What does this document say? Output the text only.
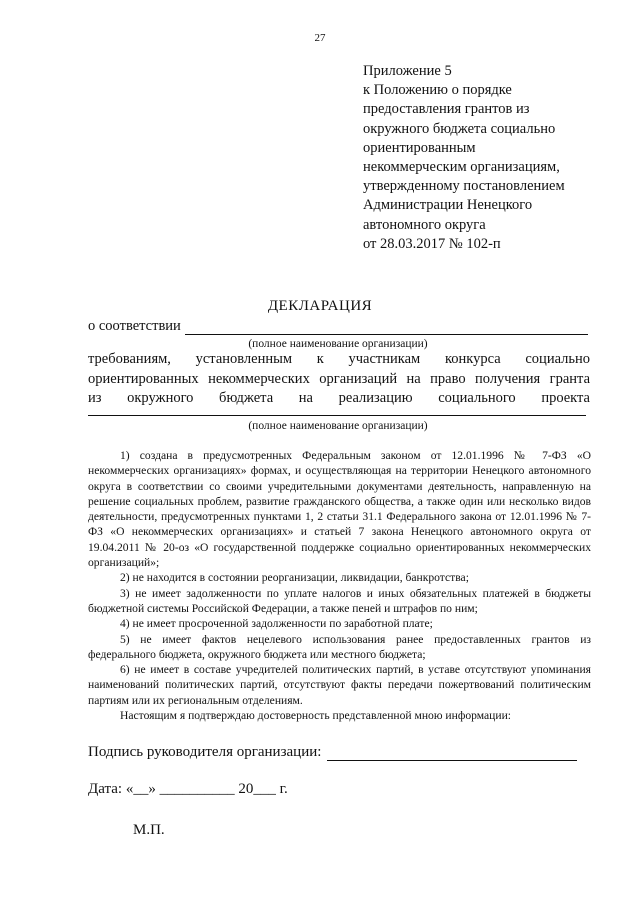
27
Приложение 5
к Положению о порядке
предоставления грантов из
окружного бюджета социально
ориентированным
некоммерческим организациям,
утвержденному постановлением
Администрации Ненецкого
автономного округа
от 28.03.2017 № 102-п
ДЕКЛАРАЦИЯ
о соответствии
(полное наименование организации)
требованиям, установленным к участникам конкурса социально
ориентированных некоммерческих организаций на право получения гранта
из окружного бюджета на реализацию социального проекта
(полное наименование организации)

1) создана в предусмотренных Федеральным законом от 12.01.1996 № 7-ФЗ «О некоммерческих организациях» формах, и осуществляющая на территории Ненецкого автономного округа в соответствии со своими учредительными документами деятельность, направленную на решение социальных проблем, развитие гражданского общества, а также один или несколько видов деятельности, предусмотренных пунктами 1, 2 статьи 31.1 Федерального закона от 12.01.1996 № 7-ФЗ «О некоммерческих организациях» и статьей 7 закона Ненецкого автономного округа от 19.04.2011 № 20-оз «О государственной поддержке социально ориентированных некоммерческих организаций»;

2) не находится в состоянии реорганизации, ликвидации, банкротства;

3) не имеет задолженности по уплате налогов и иных обязательных платежей в бюджеты бюджетной системы Российской Федерации, а также пеней и штрафов по ним;

4) не имеет просроченной задолженности по заработной плате;

5) не имеет фактов нецелевого использования ранее предоставленных грантов из федерального бюджета, окружного бюджета или местного бюджета;

6) не имеет в составе учредителей политических партий, в уставе отсутствуют упоминания наименований политических партий, отсутствуют факты передачи пожертвований политическим партиям или их региональным отделениям.

Настоящим я подтверждаю достоверность представленной мною информации:

Подпись руководителя организации:
Дата: «__» __________ 20___ г.
М.П.
